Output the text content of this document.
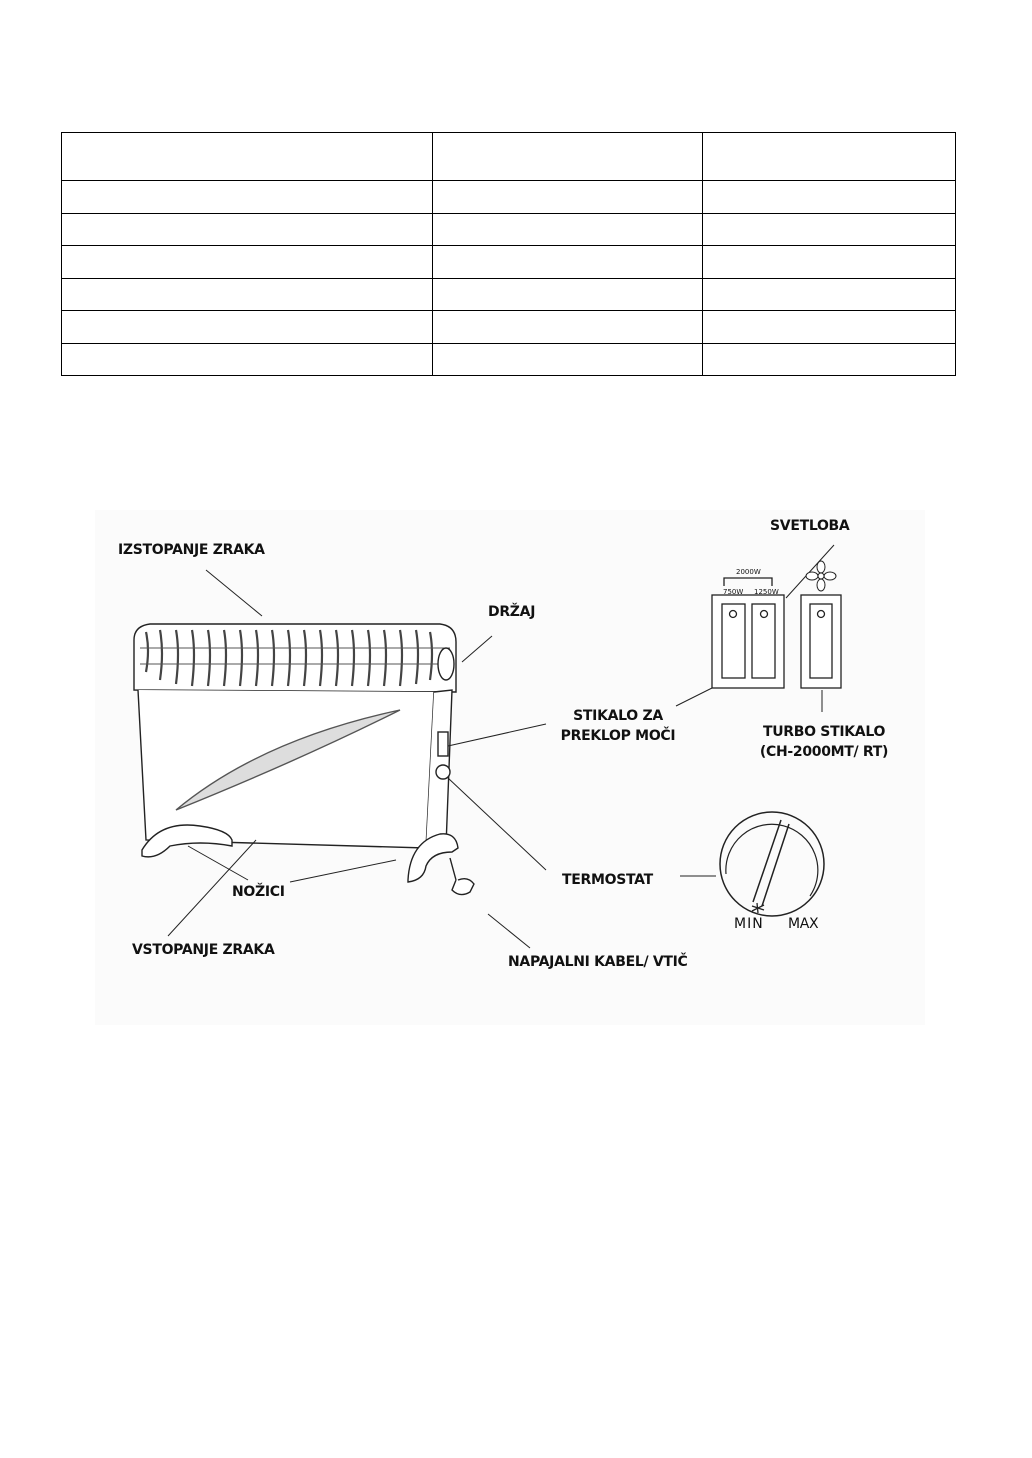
2000W
750W 1250W
IZSTOPANJE ZRAKA
DRŽAJ
SVETLOBA
STIKALO ZA
PREKLOP MOČI	TURBO STIKALO
(CH-2000MT/ RT)
TERMOSTAT
NOŽICI
VSTOPANJE ZRAKA
NAPAJALNI KABEL/ VTIČ
MIN MAX
